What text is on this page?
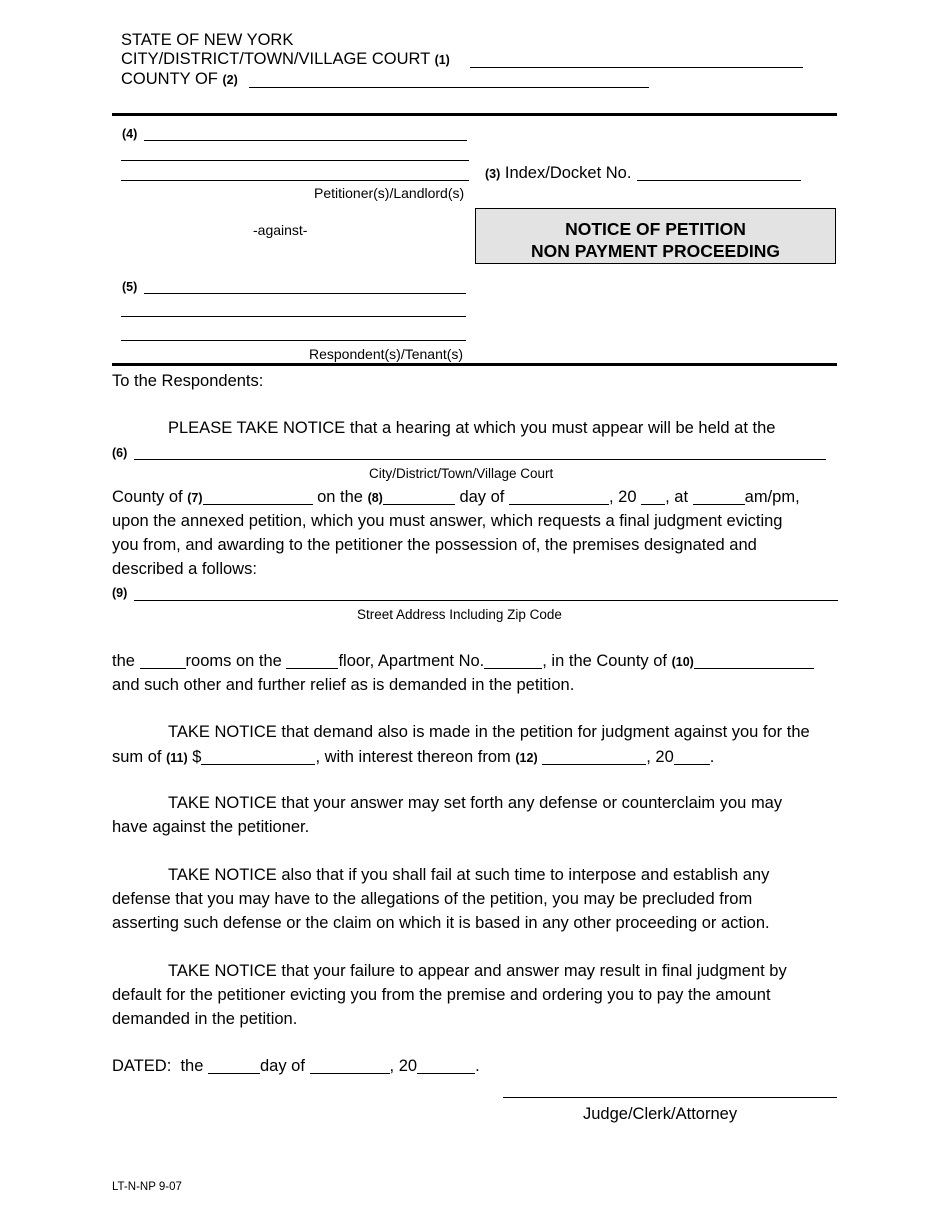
STATE OF NEW YORK
CITY/DISTRICT/TOWN/VILLAGE COURT (1)
COUNTY OF (2)
(4)
Petitioner(s)/Landlord(s)
-against-
(5)
Respondent(s)/Tenant(s)
(3) Index/Docket No.
NOTICE OF PETITION
NON PAYMENT PROCEEDING
To the Respondents:
PLEASE TAKE NOTICE that a hearing at which you must appear will be held at the
(6)
City/District/Town/Village Court
County of (7)	on the (8)	day of	, 20 , at	am/pm,
upon the annexed petition, which you must answer, which requests a final judgment evicting
you from, and awarding to the petitioner the possession of, the premises designated and
described a follows:
(9)
Street Address Including Zip Code
the	rooms on the	floor, Apartment No.	, in the County of (10)
and such other and further relief as is demanded in the petition.
TAKE NOTICE that demand also is made in the petition for judgment against you for the
sum of (11) $	, with interest thereon from (12)	, 20 .
TAKE NOTICE that your answer may set forth any defense or counterclaim you may
have against the petitioner.
TAKE NOTICE also that if you shall fail at such time to interpose and establish any
defense that you may have to the allegations of the petition, you may be precluded from
asserting such defense or the claim on which it is based in any other proceeding or action.
TAKE NOTICE that your failure to appear and answer may result in final judgment by
default for the petitioner evicting you from the premise and ordering you to pay the amount
demanded in the petition.
DATED:  the	day of	, 20	.
Judge/Clerk/Attorney
LT-N-NP 9-07
